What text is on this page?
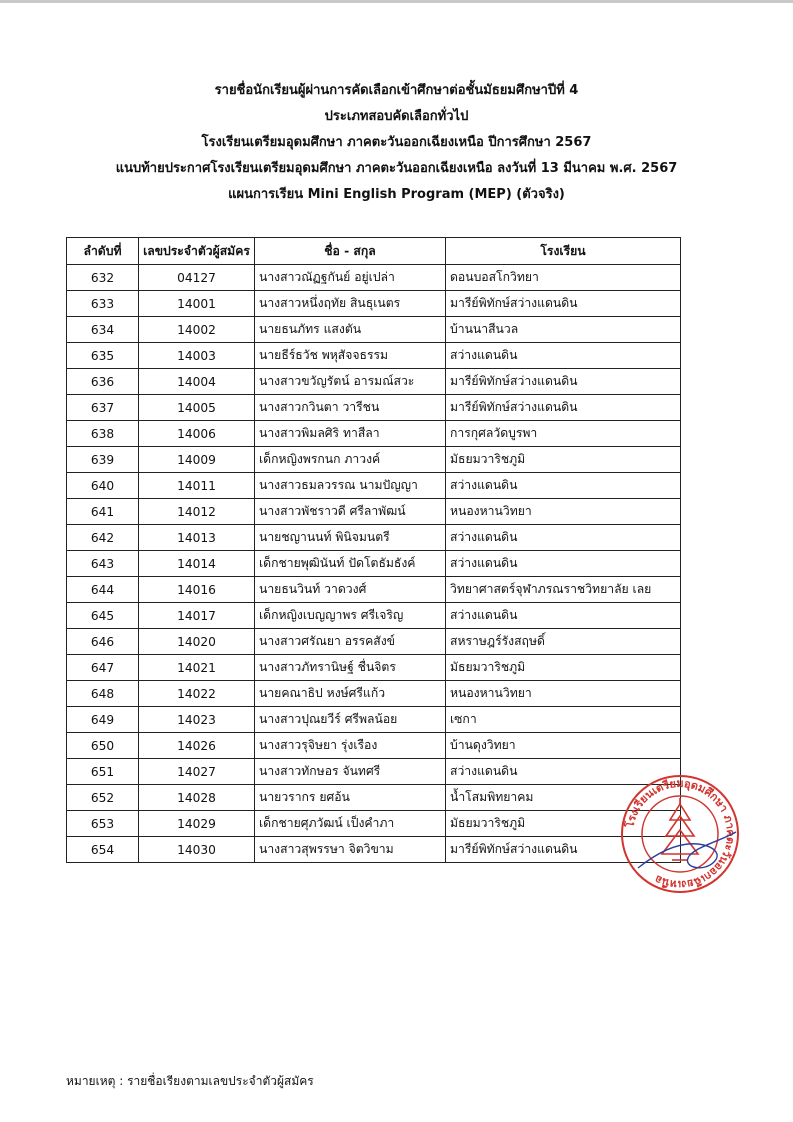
รายชื่อนักเรียนผู้ผ่านการคัดเลือกเข้าศึกษาต่อชั้นมัธยมศึกษาปีที่ 4
ประเภทสอบคัดเลือกทั่วไป
โรงเรียนเตรียมอุดมศึกษา ภาคตะวันออกเฉียงเหนือ ปีการศึกษา 2567
แนบท้ายประกาศโรงเรียนเตรียมอุดมศึกษา ภาคตะวันออกเฉียงเหนือ ลงวันที่ 13 มีนาคม พ.ศ. 2567
แผนการเรียน Mini English Program (MEP) (ตัวจริง)
ลำดับที่	เลขประจำตัวผู้สมัคร	ชื่อ - สกุล	โรงเรียน
632	04127	นางสาวณัฏฐกันย์ อยู่เปล่า	ดอนบอสโกวิทยา
633	14001	นางสาวหนึ่งฤทัย สินธุเนตร	มารีย์พิทักษ์สว่างแดนดิน
634	14002	นายธนภัทร แสงตัน	บ้านนาสีนวล
635	14003	นายธีร์ธวัช พหุสัจจธรรม	สว่างแดนดิน
636	14004	นางสาวขวัญรัตน์ อารมณ์สวะ	มารีย์พิทักษ์สว่างแดนดิน
637	14005	นางสาวกวินตา วารีชน	มารีย์พิทักษ์สว่างแดนดิน
638	14006	นางสาวพิมลศิริ ทาสีลา	การกุศลวัดบูรพา
639	14009	เด็กหญิงพรกนก ภาวงค์	มัธยมวาริชภูมิ
640	14011	นางสาวธมลวรรณ นามปัญญา	สว่างแดนดิน
641	14012	นางสาวพัชราวดี ศรีลาพัฒน์	หนองหานวิทยา
642	14013	นายชญานนท์ พินิจมนตรี	สว่างแดนดิน
643	14014	เด็กชายพุฒินันท์ ปัดโตธัมธังค์	สว่างแดนดิน
644	14016	นายธนวินท์ วาดวงศ์	วิทยาศาสตร์จุฬาภรณราชวิทยาลัย เลย
645	14017	เด็กหญิงเบญญาพร ศรีเจริญ	สว่างแดนดิน
646	14020	นางสาวศรัณยา อรรคสังข์	สหราษฎร์รังสฤษดิ์
647	14021	นางสาวภัทรานิษฐ์ ชื่นจิตร	มัธยมวาริชภูมิ
648	14022	นายคณาธิป หงษ์ศรีแก้ว	หนองหานวิทยา
649	14023	นางสาวปุณยวีร์ ศรีพลน้อย	เซกา
650	14026	นางสาวรุจิษยา รุ่งเรือง	บ้านดุงวิทยา
651	14027	นางสาวทักษอร จันทศรี	สว่างแดนดิน
652	14028	นายวรากร ยศอ้น	น้ำโสมพิทยาคม
653	14029	เด็กชายศุภวัฒน์ เป็งคำภา	มัธยมวาริชภูมิ
654	14030	นางสาวสุพรรษา จิตวิขาม	มารีย์พิทักษ์สว่างแดนดิน
หมายเหตุ : รายชื่อเรียงตามเลขประจำตัวผู้สมัคร
โรงเรียนเตรียมอุดมศึกษา ภาคตะวันออกเฉียงเหนือ
